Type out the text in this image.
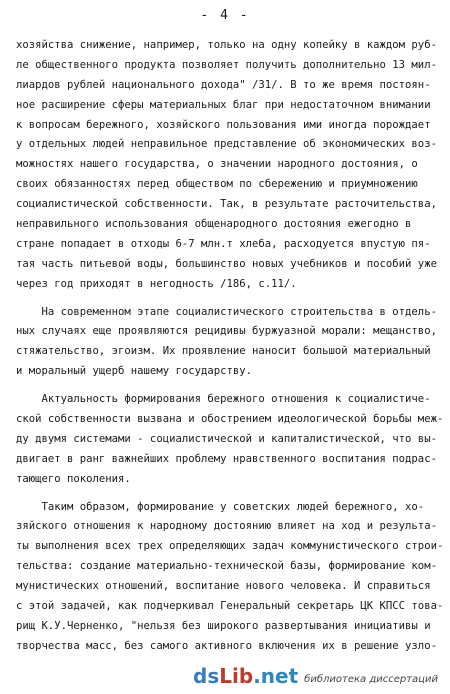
- 4 -
хозяйства снижение, например, только на одну копейку в каждом руб-
ле общественного продукта позволяет получить дополнительно 13 мил-
лиардов рублей национального дохода" /31/. В то же время постоян-
ное расширение сферы материальных благ при недостаточном внимании
к вопросам бережного, хозяйского пользования ими иногда порождает
у отдельных людей неправильное представление об экономических воз-
можностях нашего государства, о значении народного достояния, о
своих обязанностях перед обществом по сбережению и приумножению
социалистической собственности. Так, в результате расточительства,
неправильного использования общенародного достояния ежегодно в
стране попадает в отходы 6-7 млн.т хлеба, расходуется впустую пя-
тая часть питьевой воды, большинство новых учебников и пособий уже
через год приходят в негодность /186, с.11/.
На современном этапе социалистического строительства в отдель-
ных случаях еще проявляются рецидивы буржуазной морали: мещанство,
стяжательство, эгоизм. Их проявление наносит большой материальный
и моральный ущерб нашему государству.
Актуальность формирования бережного отношения к социалистиче-
ской собственности вызвана и обострением идеологической борьбы меж-
ду двумя системами - социалистической и капиталистической, что вы-
двигает в ранг важнейших проблему нравственного воспитания подрас-
тающего поколения.
Таким образом, формирование у советских людей бережного, хо-
зяйского отношения к народному достоянию влияет на ход и результа-
ты выполнения всех трех определяющих задач коммунистического строи-
тельства: создание материально-технической базы, формирование ком-
мунистических отношений, воспитание нового человека. И справиться
с этой задачей, как подчеркивал Генеральный секретарь ЦК КПСС това-
рищ К.У.Черненко, "нельзя без широкого развертывания инициативы и
творчества масс, без самого активного включения их в решение узло-
dsLib.net библиотека диссертаций
